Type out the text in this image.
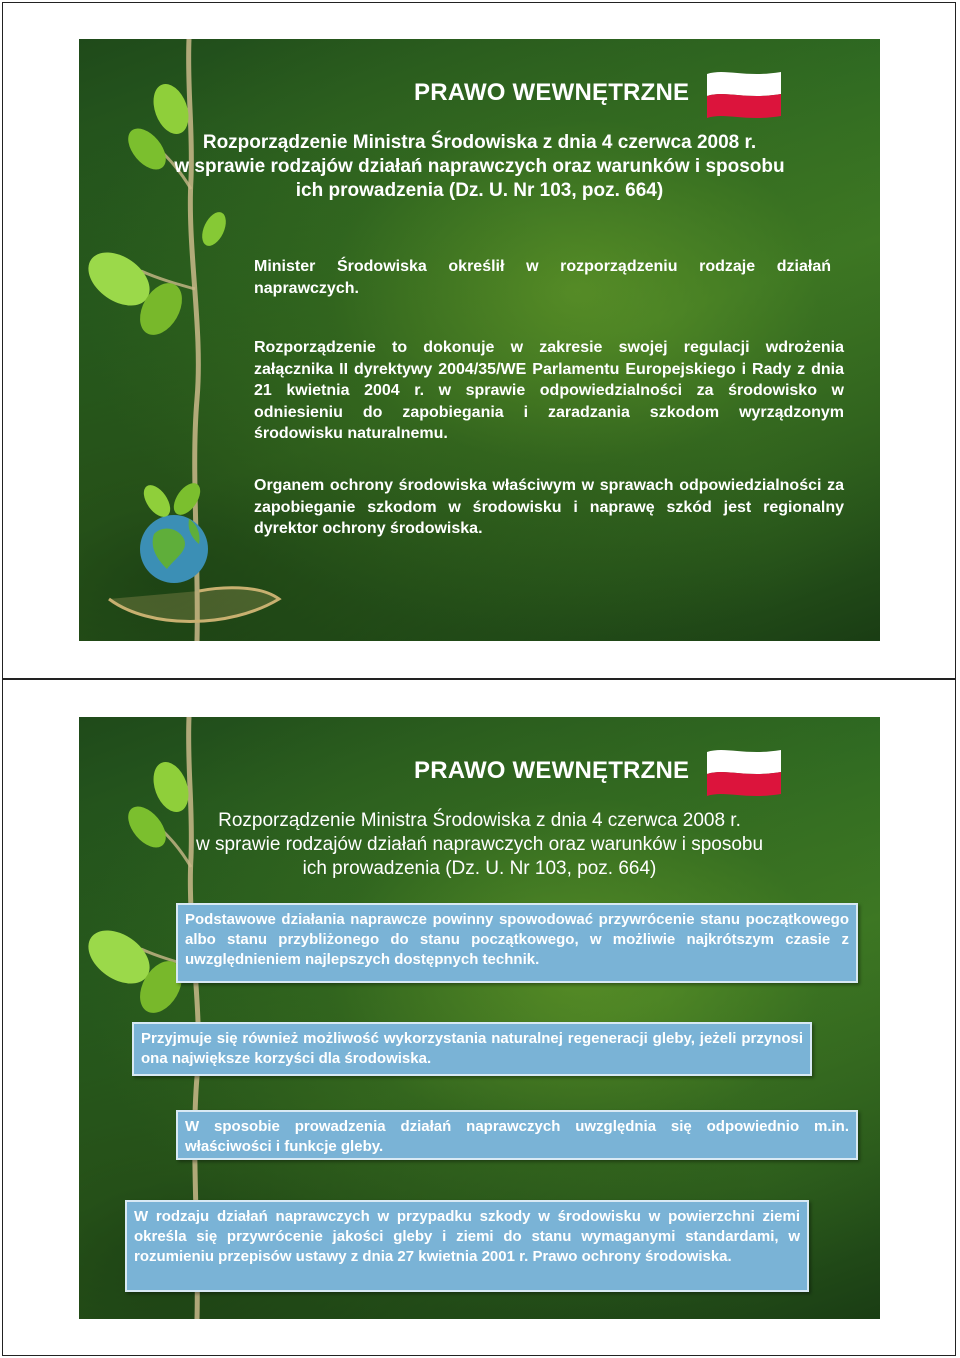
PRAWO WEWNĘTRZNE
Rozporządzenie Ministra Środowiska z dnia 4 czerwca 2008 r.
w sprawie rodzajów działań naprawczych oraz warunków i sposobu
ich prowadzenia (Dz. U. Nr 103, poz. 664)
Minister Środowiska określił w rozporządzeniu rodzaje działań naprawczych.
Rozporządzenie to dokonuje w zakresie swojej regulacji wdrożenia załącznika II dyrektywy 2004/35/WE Parlamentu Europejskiego i Rady z dnia 21 kwietnia 2004 r. w sprawie odpowiedzialności za środowisko w odniesieniu do zapobiegania i zaradzania szkodom wyrządzonym środowisku naturalnemu.
Organem ochrony środowiska właściwym w sprawach odpowiedzialności za zapobieganie szkodom w środowisku i naprawę szkód jest regionalny dyrektor ochrony środowiska.
PRAWO WEWNĘTRZNE
Rozporządzenie Ministra Środowiska z dnia 4 czerwca 2008 r.
w sprawie rodzajów działań naprawczych oraz warunków i sposobu
ich prowadzenia (Dz. U. Nr 103, poz. 664)
Podstawowe działania naprawcze powinny spowodować przywrócenie stanu początkowego albo stanu przybliżonego do stanu początkowego, w możliwie najkrótszym czasie z uwzględnieniem najlepszych dostępnych technik.
Przyjmuje się również możliwość wykorzystania naturalnej regeneracji gleby, jeżeli przynosi ona największe korzyści dla środowiska.
W sposobie prowadzenia działań naprawczych uwzględnia się odpowiednio m.in. właściwości i funkcje gleby.
W rodzaju działań naprawczych w przypadku szkody w środowisku w powierzchni ziemi określa się przywrócenie jakości gleby i ziemi do stanu wymaganymi standardami, w rozumieniu przepisów ustawy z dnia 27 kwietnia 2001 r. Prawo ochrony środowiska.
